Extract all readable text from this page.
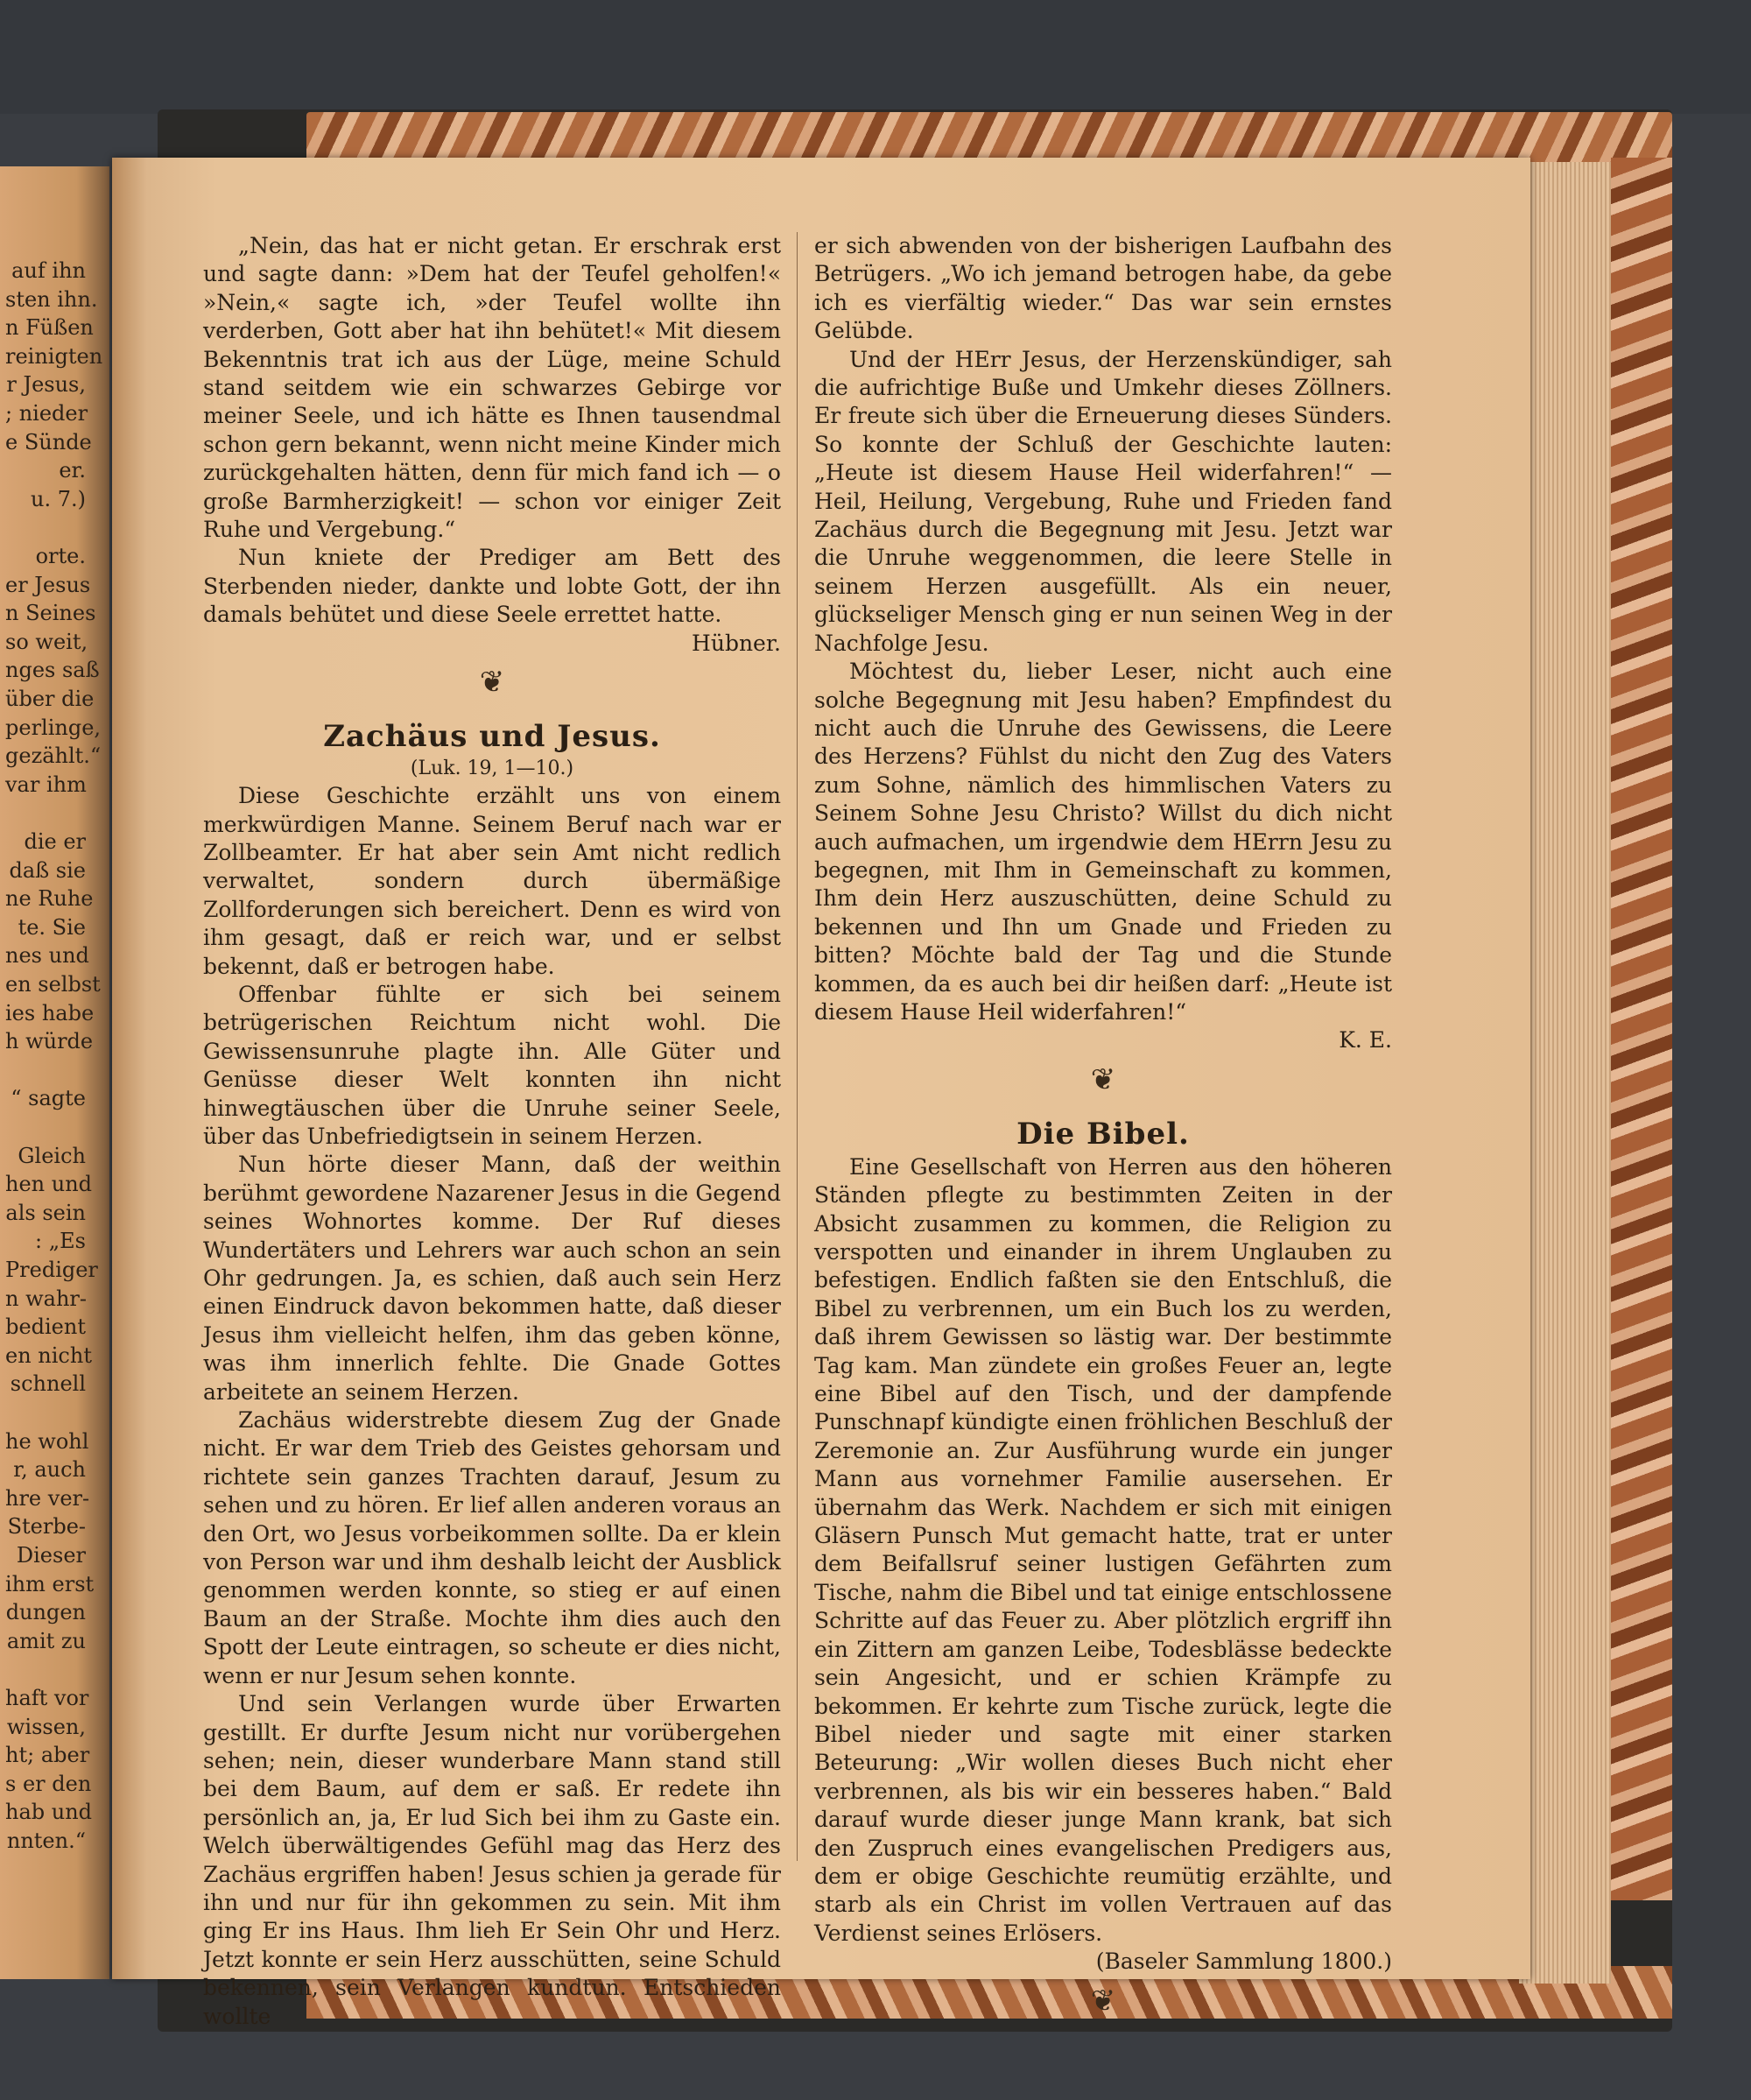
auf ihn
sten ihn.
n Füßen
reinigten
r Jesus,
; nieder
e Sünde
er.
u. 7.)
orte.
er Jesus
n Seines
so weit,
nges saß
über die
perlinge,
gezählt.“
var ihm
die er
daß sie
ne Ruhe
te. Sie
nes und
en selbst
ies habe
h würde
“ sagte
Gleich
hen und
als sein
: „Es
Prediger
n wahr-
bedient
en nicht
schnell
he wohl
r, auch
hre ver-
Sterbe-
Dieser
ihm erst
dungen
amit zu
haft vor
wissen,
ht; aber
s er den
hab und
nnten.“

„Nein, das hat er nicht getan. Er erschrak erst und sagte dann: »Dem hat der Teufel geholfen!« »Nein,« sagte ich, »der Teufel wollte ihn verderben, Gott aber hat ihn behütet!« Mit diesem Bekenntnis trat ich aus der Lüge, meine Schuld stand seitdem wie ein schwarzes Gebirge vor meiner Seele, und ich hätte es Ihnen tausendmal schon gern bekannt, wenn nicht meine Kinder mich zurückgehalten hätten, denn für mich fand ich — o große Barmherzigkeit! — schon vor einiger Zeit Ruhe und Vergebung.“

Nun kniete der Prediger am Bett des Sterbenden nieder, dankte und lobte Gott, der ihn damals behütet und diese Seele errettet hatte.

Hübner.

❦

Zachäus und Jesus.

(Luk. 19, 1—10.)

Diese Geschichte erzählt uns von einem merkwürdigen Manne. Seinem Beruf nach war er Zollbeamter. Er hat aber sein Amt nicht redlich verwaltet, sondern durch übermäßige Zollforderungen sich bereichert. Denn es wird von ihm gesagt, daß er reich war, und er selbst bekennt, daß er betrogen habe.

Offenbar fühlte er sich bei seinem betrügerischen Reichtum nicht wohl. Die Gewissensunruhe plagte ihn. Alle Güter und Genüsse dieser Welt konnten ihn nicht hinwegtäuschen über die Unruhe seiner Seele, über das Unbefriedigtsein in seinem Herzen.

Nun hörte dieser Mann, daß der weithin berühmt gewordene Nazarener Jesus in die Gegend seines Wohnortes komme. Der Ruf dieses Wundertäters und Lehrers war auch schon an sein Ohr gedrungen. Ja, es schien, daß auch sein Herz einen Eindruck davon bekommen hatte, daß dieser Jesus ihm vielleicht helfen, ihm das geben könne, was ihm innerlich fehlte. Die Gnade Gottes arbeitete an seinem Herzen.

Zachäus widerstrebte diesem Zug der Gnade nicht. Er war dem Trieb des Geistes gehorsam und richtete sein ganzes Trachten darauf, Jesum zu sehen und zu hören. Er lief allen anderen voraus an den Ort, wo Jesus vorbeikommen sollte. Da er klein von Person war und ihm deshalb leicht der Ausblick genommen werden konnte, so stieg er auf einen Baum an der Straße. Mochte ihm dies auch den Spott der Leute eintragen, so scheute er dies nicht, wenn er nur Jesum sehen konnte.

Und sein Verlangen wurde über Erwarten gestillt. Er durfte Jesum nicht nur vorübergehen sehen; nein, dieser wunderbare Mann stand still bei dem Baum, auf dem er saß. Er redete ihn persönlich an, ja, Er lud Sich bei ihm zu Gaste ein. Welch überwältigendes Gefühl mag das Herz des Zachäus ergriffen haben! Jesus schien ja gerade für ihn und nur für ihn gekommen zu sein. Mit ihm ging Er ins Haus. Ihm lieh Er Sein Ohr und Herz. Jetzt konnte er sein Herz ausschütten, seine Schuld bekennen, sein Verlangen kundtun. Entschieden wollte

er sich abwenden von der bisherigen Laufbahn des Betrügers. „Wo ich jemand betrogen habe, da gebe ich es vierfältig wieder.“ Das war sein ernstes Gelübde.

Und der HErr Jesus, der Herzenskündiger, sah die aufrichtige Buße und Umkehr dieses Zöllners. Er freute sich über die Erneuerung dieses Sünders. So konnte der Schluß der Geschichte lauten: „Heute ist diesem Hause Heil widerfahren!“ — Heil, Heilung, Vergebung, Ruhe und Frieden fand Zachäus durch die Begegnung mit Jesu. Jetzt war die Unruhe weggenommen, die leere Stelle in seinem Herzen ausgefüllt. Als ein neuer, glückseliger Mensch ging er nun seinen Weg in der Nachfolge Jesu.

Möchtest du, lieber Leser, nicht auch eine solche Begegnung mit Jesu haben? Empfindest du nicht auch die Unruhe des Gewissens, die Leere des Herzens? Fühlst du nicht den Zug des Vaters zum Sohne, nämlich des himmlischen Vaters zu Seinem Sohne Jesu Christo? Willst du dich nicht auch aufmachen, um irgendwie dem HErrn Jesu zu begegnen, mit Ihm in Gemeinschaft zu kommen, Ihm dein Herz auszuschütten, deine Schuld zu bekennen und Ihn um Gnade und Frieden zu bitten? Möchte bald der Tag und die Stunde kommen, da es auch bei dir heißen darf: „Heute ist diesem Hause Heil widerfahren!“

K. E.

❦

Die Bibel.

Eine Gesellschaft von Herren aus den höheren Ständen pflegte zu bestimmten Zeiten in der Absicht zusammen zu kommen, die Religion zu verspotten und einander in ihrem Unglauben zu befestigen. Endlich faßten sie den Entschluß, die Bibel zu verbrennen, um ein Buch los zu werden, daß ihrem Gewissen so lästig war. Der bestimmte Tag kam. Man zündete ein großes Feuer an, legte eine Bibel auf den Tisch, und der dampfende Punschnapf kündigte einen fröhlichen Beschluß der Zeremonie an. Zur Ausführung wurde ein junger Mann aus vornehmer Familie ausersehen. Er übernahm das Werk. Nachdem er sich mit einigen Gläsern Punsch Mut gemacht hatte, trat er unter dem Beifallsruf seiner lustigen Gefährten zum Tische, nahm die Bibel und tat einige entschlossene Schritte auf das Feuer zu. Aber plötzlich ergriff ihn ein Zittern am ganzen Leibe, Todesblässe bedeckte sein Angesicht, und er schien Krämpfe zu bekommen. Er kehrte zum Tische zurück, legte die Bibel nieder und sagte mit einer starken Beteurung: „Wir wollen dieses Buch nicht eher verbrennen, als bis wir ein besseres haben.“ Bald darauf wurde dieser junge Mann krank, bat sich den Zuspruch eines evangelischen Predigers aus, dem er obige Geschichte reumütig erzählte, und starb als ein Christ im vollen Vertrauen auf das Verdienst seines Erlösers.

(Baseler Sammlung 1800.)

❦
